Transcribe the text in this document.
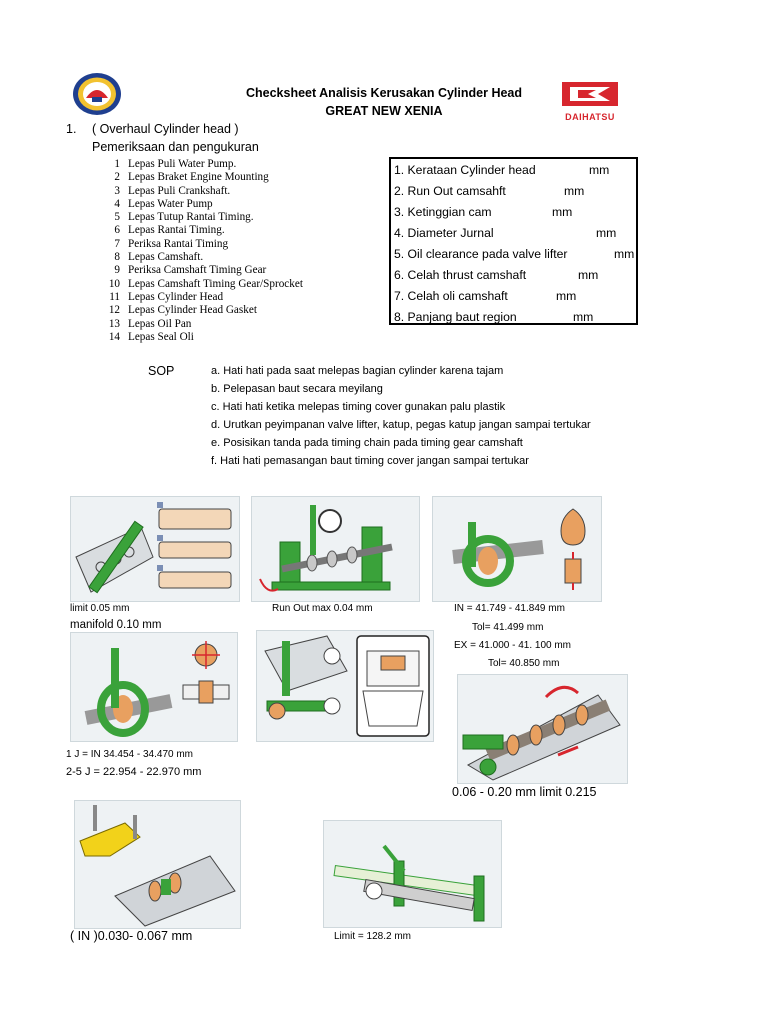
Checksheet Analisis Kerusakan Cylinder Head
GREAT NEW XENIA	DAIHATSU
1. ( Overhaul Cylinder head )
Pemeriksaan dan pengukuran
1 Lepas Puli Water Pump.
2 Lepas Braket Engine Mounting
3 Lepas Puli Crankshaft.
4 Lepas Water Pump
5 Lepas Tutup Rantai Timing.
6 Lepas Rantai Timing.
7 Periksa Rantai Timing
8 Lepas Camshaft.
9 Periksa Camshaft Timing Gear
10 Lepas Camshaft Timing Gear/Sprocket
11 Lepas Cylinder Head
12 Lepas Cylinder Head Gasket
13 Lepas Oil Pan
14 Lepas Seal Oli
1. Kerataan Cylinder head	mm
2. Run Out camsahft	mm
3. Ketinggian cam	mm
4. Diameter Jurnal	mm
5. Oil clearance pada valve lifter	mm
6. Celah thrust camshaft	mm
7. Celah oli camshaft	mm
8. Panjang baut region	mm
SOP	a. Hati hati pada saat melepas bagian cylinder karena tajam
b. Pelepasan baut secara meyilang
c. Hati hati ketika melepas timing cover gunakan palu plastik
d. Urutkan peyimpanan valve lifter, katup, pegas katup jangan sampai tertukar
e. Posisikan tanda pada timing chain pada timing gear camshaft
f. Hati hati pemasangan baut timing cover jangan sampai tertukar
limit 0.05 mm
manifold 0.10 mm
Run Out max 0.04 mm	IN = 41.749 - 41.849 mm
Tol= 41.499 mm
EX = 41.000 - 41. 100 mm
Tol= 40.850 mm
1 J = IN 34.454 - 34.470 mm
2-5 J = 22.954 - 22.970 mm
0.06 - 0.20 mm limit 0.215
( IN )0.030- 0.067 mm	Limit = 128.2 mm
